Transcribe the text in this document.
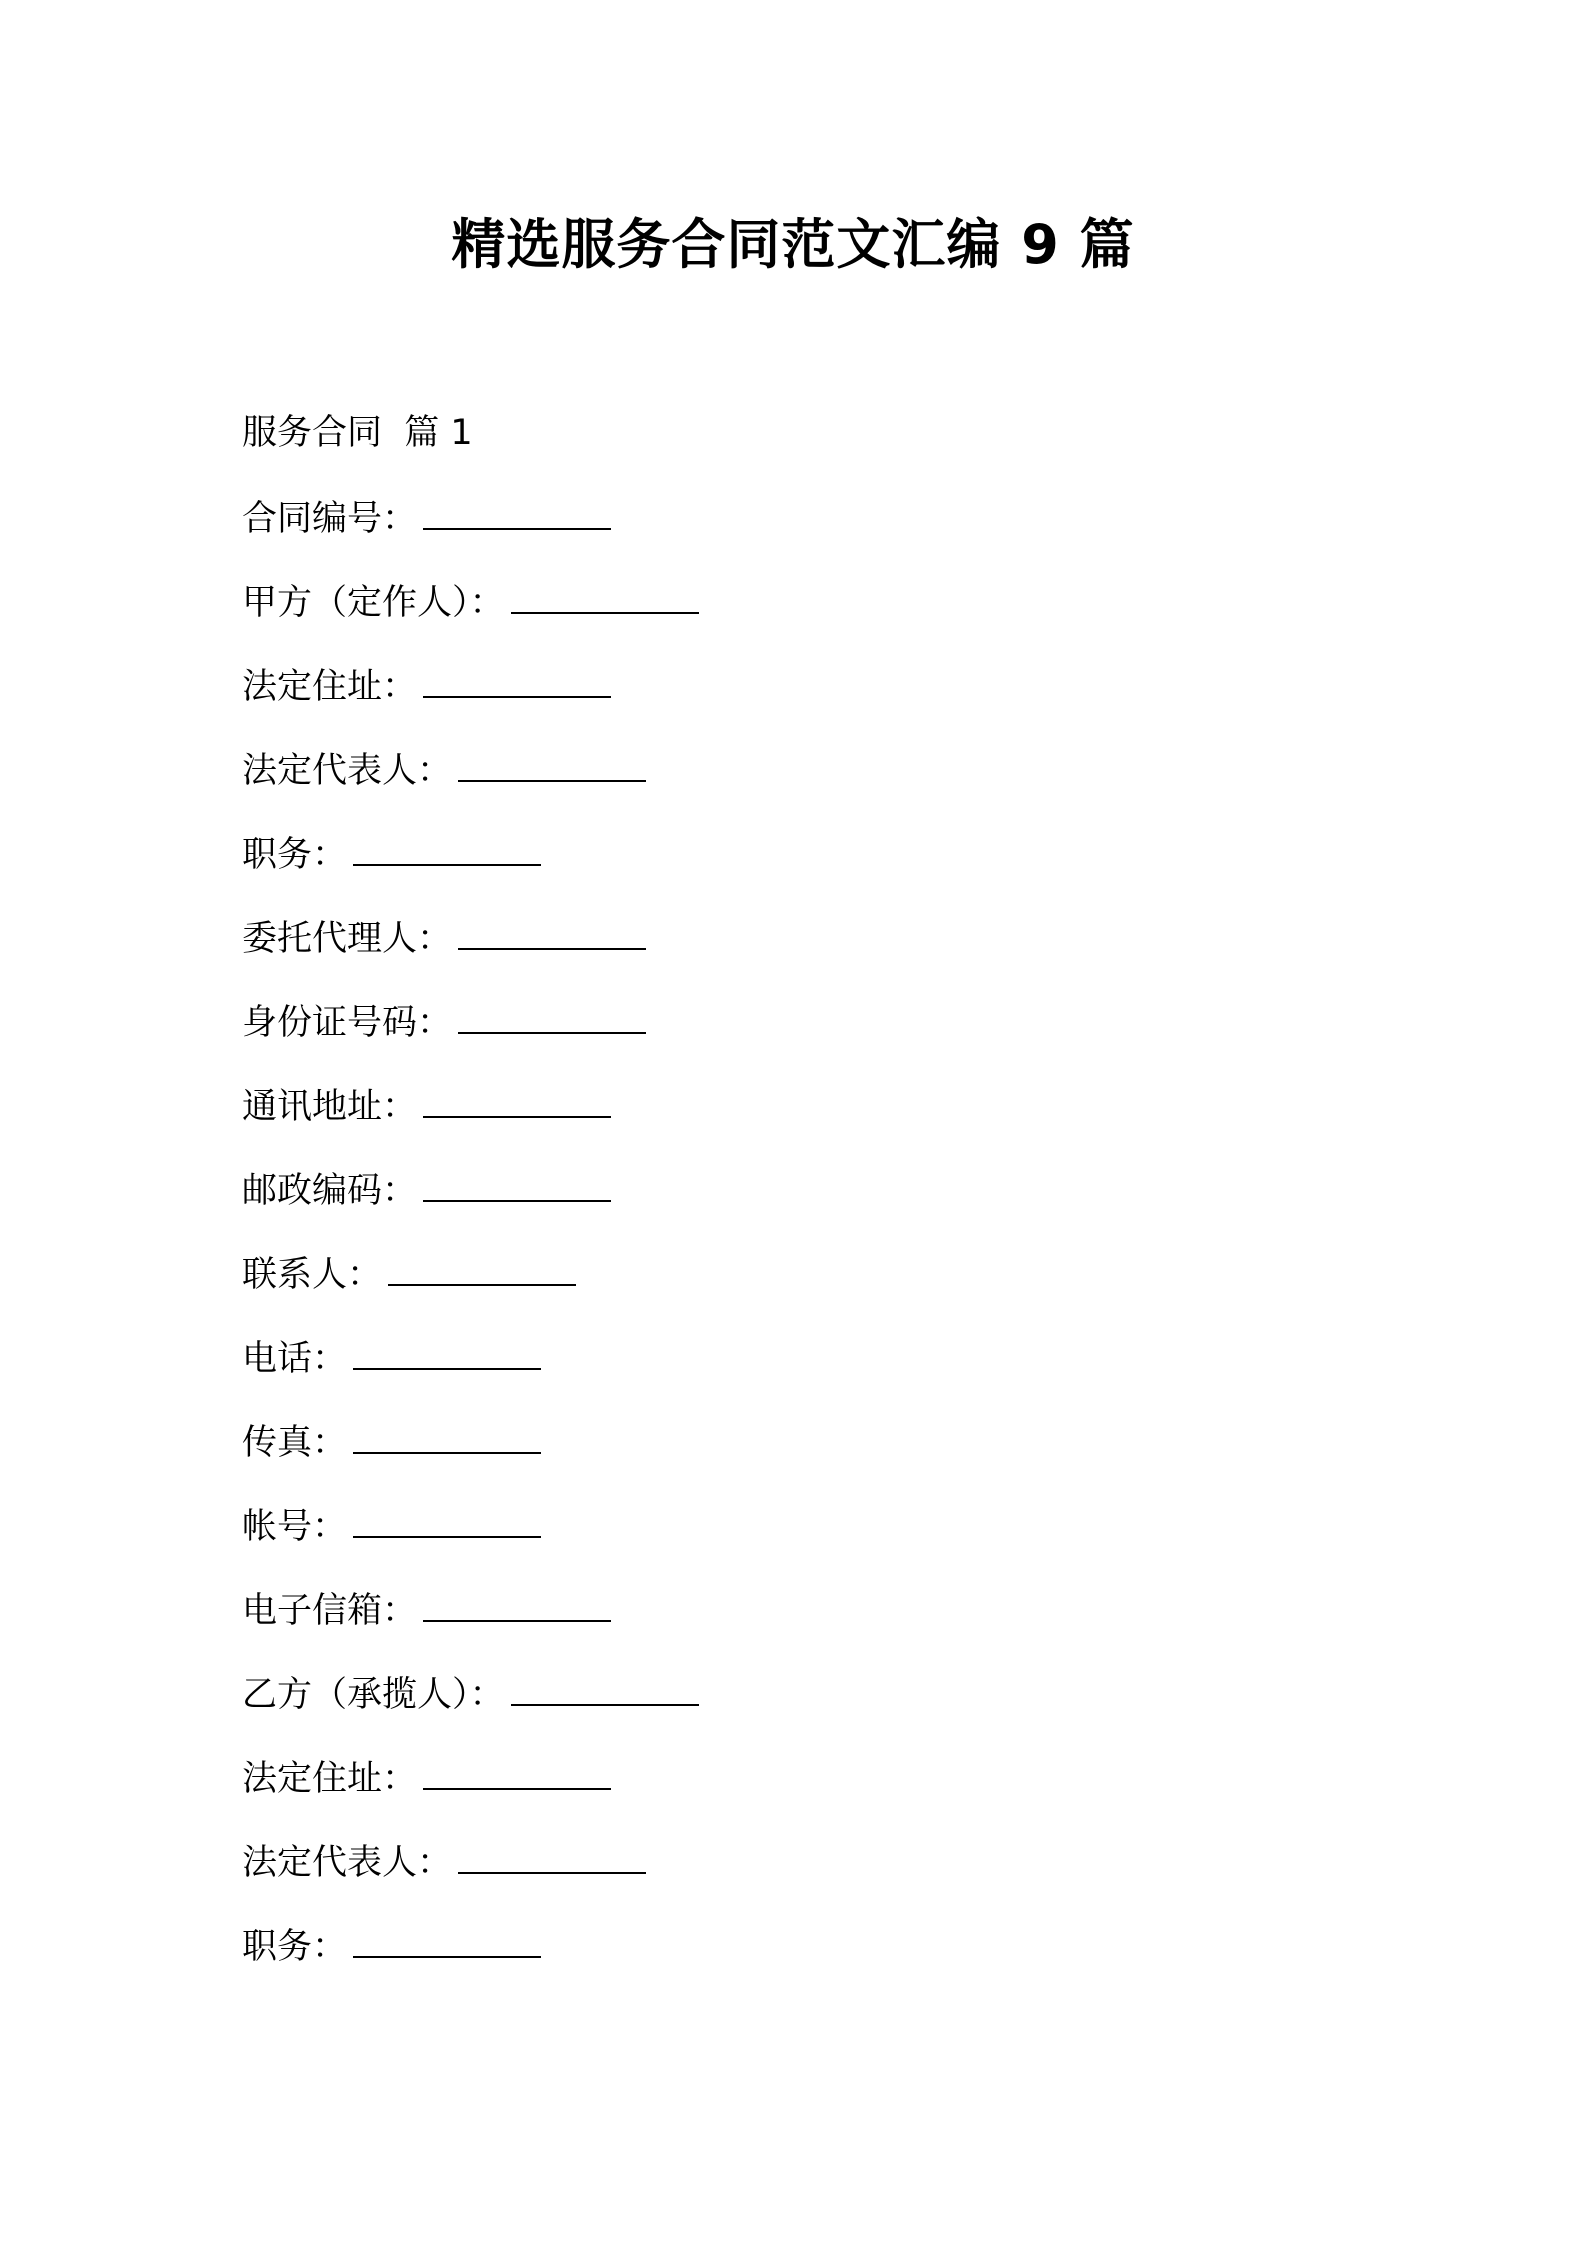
精选服务合同范文汇编 9 篇
服务合同  篇 1
合同编号：
甲方（定作人）：
法定住址：
法定代表人：
职务：
委托代理人：
身份证号码：
通讯地址：
邮政编码：
联系人：
电话：
传真：
帐号：
电子信箱：
乙方（承揽人）：
法定住址：
法定代表人：
职务：
